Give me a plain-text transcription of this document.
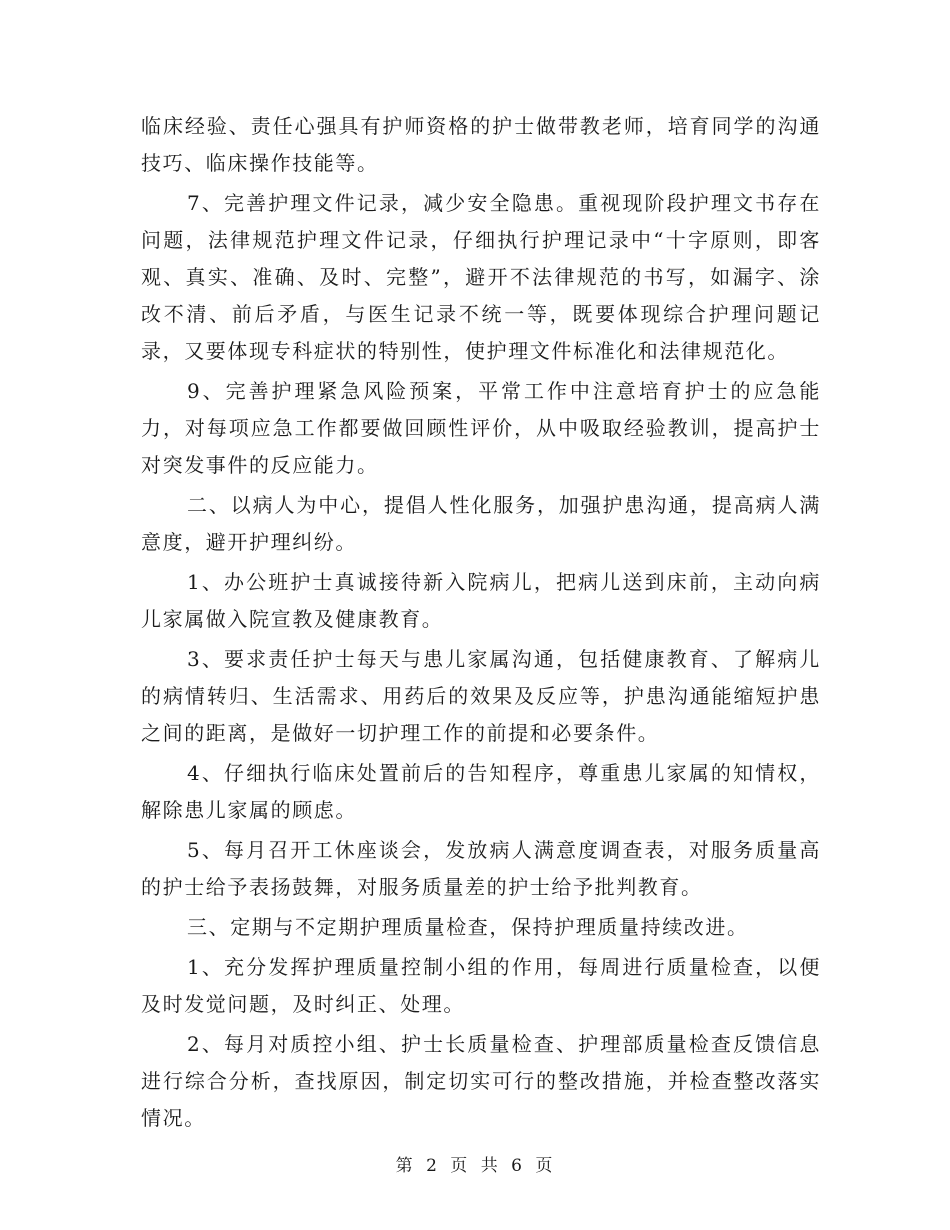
临床经验、责任心强具有护师资格的护士做带教老师，培育同学的沟通技巧、临床操作技能等。

7、完善护理文件记录，减少安全隐患。重视现阶段护理文书存在问题，法律规范护理文件记录，仔细执行护理记录中“十字原则，即客观、真实、准确、及时、完整”，避开不法律规范的书写，如漏字、涂改不清、前后矛盾，与医生记录不统一等，既要体现综合护理问题记录，又要体现专科症状的特别性，使护理文件标准化和法律规范化。

9、完善护理紧急风险预案，平常工作中注意培育护士的应急能力，对每项应急工作都要做回顾性评价，从中吸取经验教训，提高护士对突发事件的反应能力。

二、以病人为中心，提倡人性化服务，加强护患沟通，提高病人满意度，避开护理纠纷。

1、办公班护士真诚接待新入院病儿，把病儿送到床前，主动向病儿家属做入院宣教及健康教育。

3、要求责任护士每天与患儿家属沟通，包括健康教育、了解病儿的病情转归、生活需求、用药后的效果及反应等，护患沟通能缩短护患之间的距离，是做好一切护理工作的前提和必要条件。

4、仔细执行临床处置前后的告知程序，尊重患儿家属的知情权，解除患儿家属的顾虑。

5、每月召开工休座谈会，发放病人满意度调查表，对服务质量高的护士给予表扬鼓舞，对服务质量差的护士给予批判教育。

三、定期与不定期护理质量检查，保持护理质量持续改进。

1、充分发挥护理质量控制小组的作用，每周进行质量检查，以便及时发觉问题，及时纠正、处理。

2、每月对质控小组、护士长质量检查、护理部质量检查反馈信息进行综合分析，查找原因，制定切实可行的整改措施，并检查整改落实情况。

第 2 页 共 6 页
